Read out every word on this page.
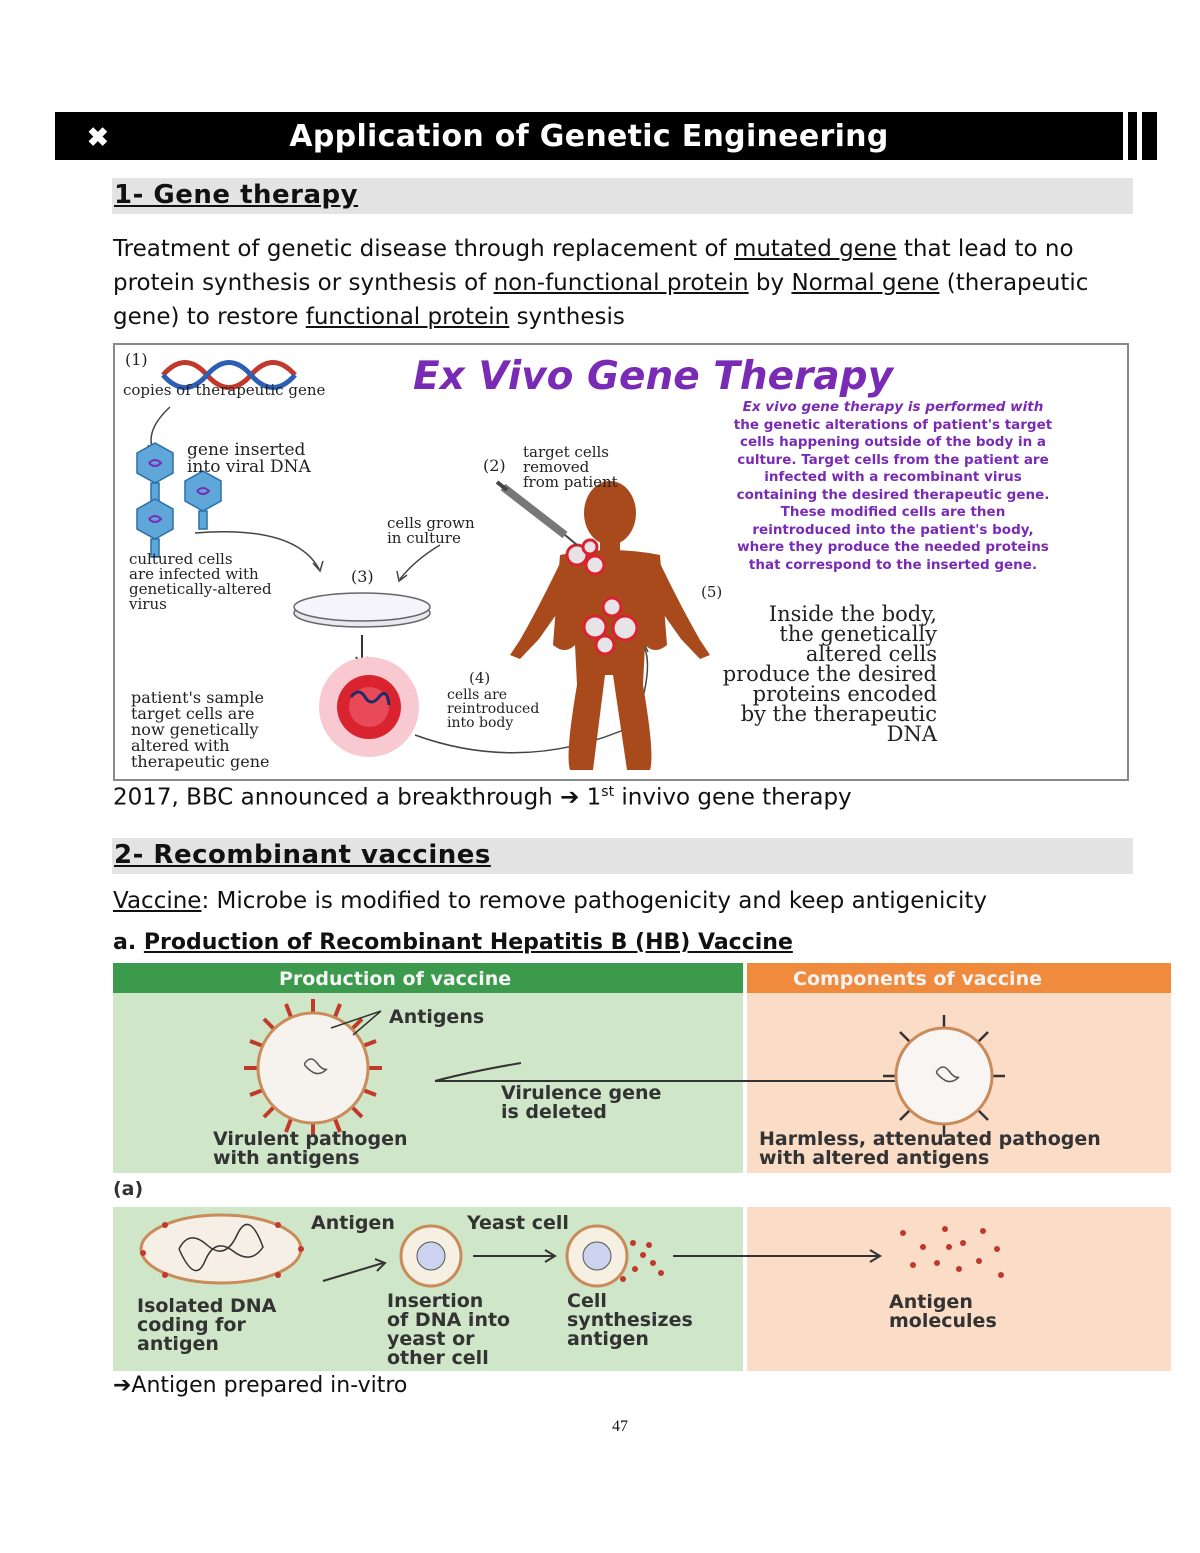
✖	Application of Genetic Engineering
1- Gene therapy
Treatment of genetic disease through replacement of mutated gene that lead to no protein synthesis or synthesis of non-functional protein by Normal gene (therapeutic gene) to restore functional protein synthesis
(1)
copies of therapeutic gene
gene inserted
into viral DNA	(2)
target cells
removed
from patient
cells grown
in culture
cultured cells
are infected with
genetically-altered
virus
(3)
(4)
cells are
reintroduced
into body
patient's sample
target cells are
now genetically
altered with
therapeutic gene
(5)
Inside the body,
the genetically
altered cells
produce the desired
proteins encoded
by the therapeutic
DNA
Ex Vivo Gene Therapy
Ex vivo gene therapy is performed with
the genetic alterations of patient's target
cells happening outside of the body in a
culture. Target cells from the patient are
infected with a recombinant virus
containing the desired therapeutic gene.
These modified cells are then
reintroduced into the patient's body,
where they produce the needed proteins
that correspond to the inserted gene.
2017, BBC announced a breakthrough ➔ 1st invivo gene therapy
2- Recombinant vaccines
Vaccine: Microbe is modified to remove pathogenicity and keep antigenicity
a. Production of Recombinant Hepatitis B (HB) Vaccine
Production of vaccine	Components of vaccine
Antigens
Virulence gene
is deleted
Virulent pathogen
with antigens
Harmless, attenuated pathogen
with altered antigens
(a)
Antigen	Yeast cell
Isolated DNA
coding for
antigen
Insertion
of DNA into
yeast or
other cell
Cell
synthesizes
antigen
Antigen
molecules
➔Antigen prepared in-vitro
47
